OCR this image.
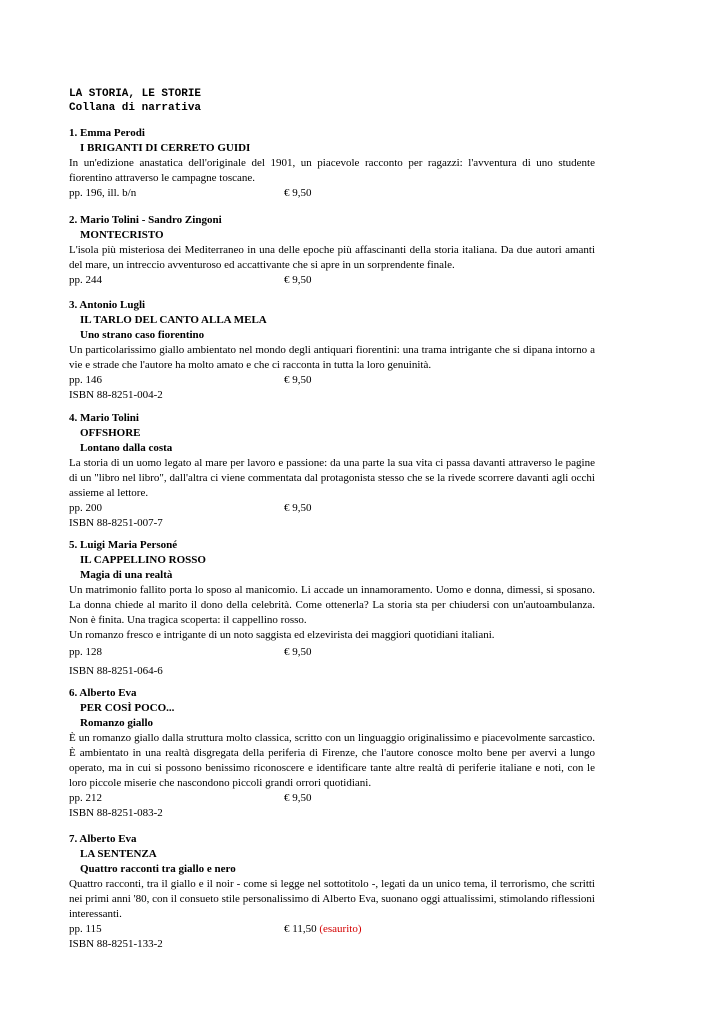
LA STORIA, LE STORIE
Collana di narrativa
1. Emma Perodi
I BRIGANTI DI CERRETO GUIDI
In un'edizione anastatica dell'originale del 1901, un piacevole racconto per ragazzi: l'avventura di uno studente fiorentino attraverso le campagne toscane.
pp. 196, ill. b/n	€ 9,50
2. Mario Tolini - Sandro Zingoni
MONTECRISTO
L'isola più misteriosa dei Mediterraneo in una delle epoche più affascinanti della storia italiana. Da due autori amanti del mare, un intreccio avventuroso ed accattivante che si apre in un sorprendente finale.
pp. 244	€ 9,50
3. Antonio Lugli
IL TARLO DEL CANTO ALLA MELA
Uno strano caso fiorentino
Un particolarissimo giallo ambientato nel mondo degli antiquari fiorentini: una trama intrigante che si dipana intorno a vie e strade che l'autore ha molto amato e che ci racconta in tutta la loro genuinità.
pp. 146	€ 9,50
ISBN 88-8251-004-2
4. Mario Tolini
OFFSHORE
Lontano dalla costa
La storia di un uomo legato al mare per lavoro e passione: da una parte la sua vita ci passa davanti attraverso le pagine di un "libro nel libro", dall'altra ci viene commentata dal protagonista stesso che se la rivede scorrere davanti agli occhi assieme al lettore.
pp. 200	€ 9,50
ISBN 88-8251-007-7
5. Luigi Maria Personé
IL CAPPELLINO ROSSO
Magia di una realtà
Un matrimonio fallito porta lo sposo al manicomio. Li accade un innamoramento. Uomo e donna, dimessi, si sposano. La donna chiede al marito il dono della celebrità. Come ottenerla? La storia sta per chiudersi con un'autoambulanza. Non è finita. Una tragica scoperta: il cappellino rosso.
Un romanzo fresco e intrigante di un noto saggista ed elzevirista dei maggiori quotidiani italiani.
pp. 128	€ 9,50
ISBN 88-8251-064-6
6. Alberto Eva
PER COSÌ POCO...
Romanzo giallo
È un romanzo giallo dalla struttura molto classica, scritto con un linguaggio originalissimo e piacevolmente sarcastico. È ambientato in una realtà disgregata della periferia di Firenze, che l'autore conosce molto bene per avervi a lungo operato, ma in cui si possono benissimo riconoscere e identificare tante altre realtà di periferie italiane e noti, con le loro piccole miserie che nascondono piccoli grandi orrori quotidiani.
pp. 212	€ 9,50
ISBN 88-8251-083-2
7. Alberto Eva
LA SENTENZA
Quattro racconti tra giallo e nero
Quattro racconti, tra il giallo e il noir - come si legge nel sottotitolo -, legati da un unico tema, il terrorismo, che scritti nei primi anni '80, con il consueto stile personalissimo di Alberto Eva, suonano oggi attualissimi, stimolando riflessioni interessanti.
pp. 115	€ 11,50 (esaurito)
ISBN 88-8251-133-2
